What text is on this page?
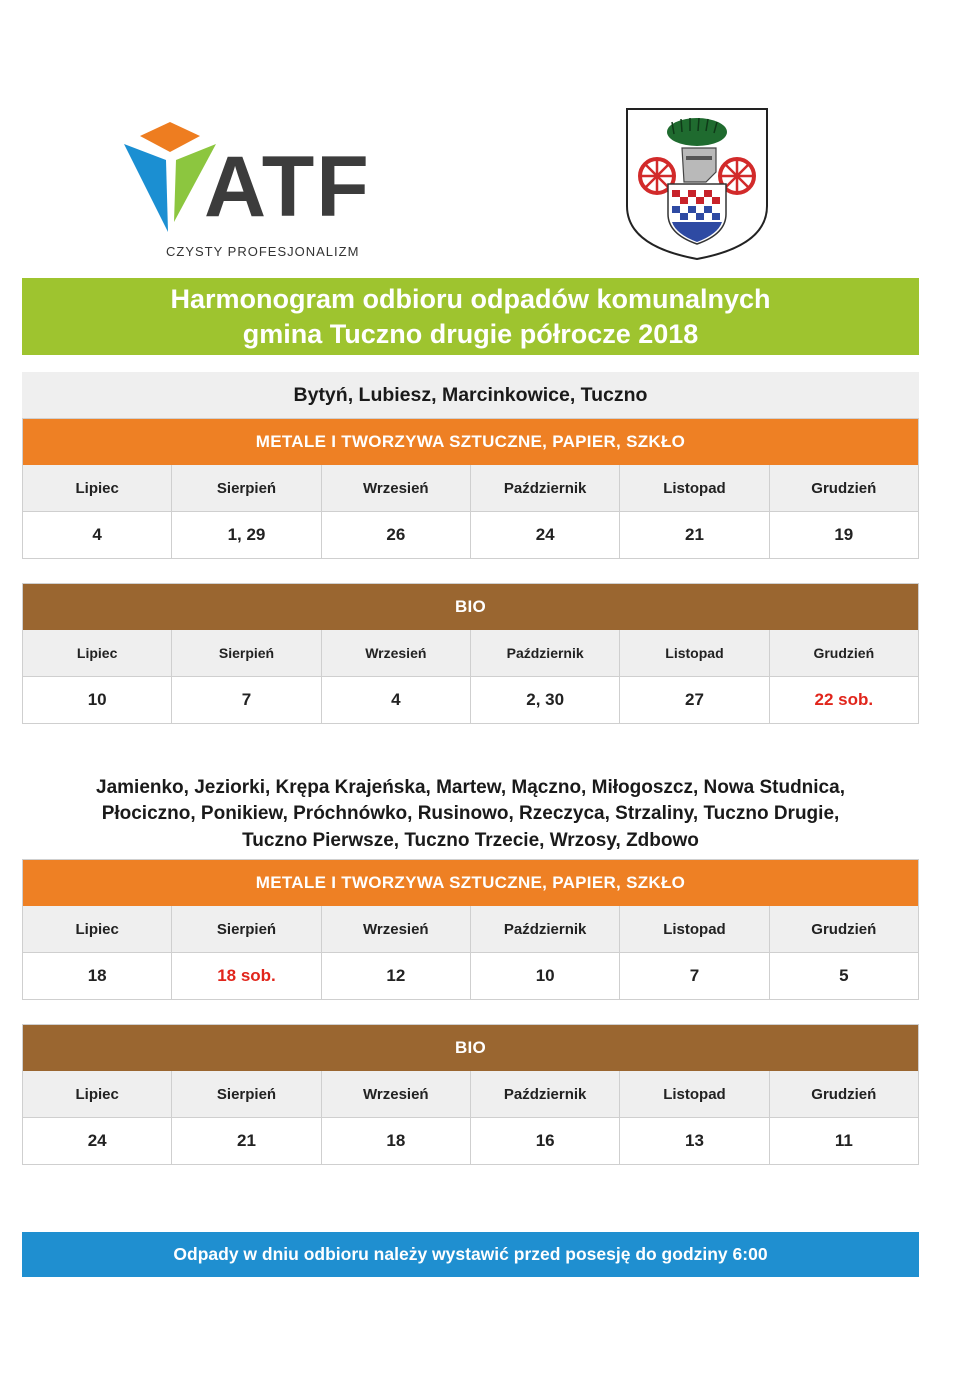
ATF
CZYSTY PROFESJONALIZM
Harmonogram odbioru odpadów komunalnych
gmina Tuczno drugie półrocze 2018
Bytyń, Lubiesz, Marcinkowice, Tuczno
METALE I TWORZYWA SZTUCZNE, PAPIER, SZKŁO
Lipiec	Sierpień	Wrzesień	Październik	Listopad	Grudzień
4	1, 29	26	24	21	19
BIO
Lipiec	Sierpień	Wrzesień	Październik	Listopad	Grudzień
10	7	4	2, 30	27	22 sob.
Jamienko, Jeziorki, Krępa Krajeńska, Martew, Mączno, Miłogoszcz, Nowa Studnica,
Płociczno, Ponikiew, Próchnówko, Rusinowo, Rzeczyca, Strzaliny, Tuczno Drugie,
Tuczno Pierwsze, Tuczno Trzecie, Wrzosy, Zdbowo
METALE I TWORZYWA SZTUCZNE, PAPIER, SZKŁO
Lipiec	Sierpień	Wrzesień	Październik	Listopad	Grudzień
18	18 sob.	12	10	7	5
BIO
Lipiec	Sierpień	Wrzesień	Październik	Listopad	Grudzień
24	21	18	16	13	11
Odpady w dniu odbioru należy wystawić przed posesję do godziny 6:00
